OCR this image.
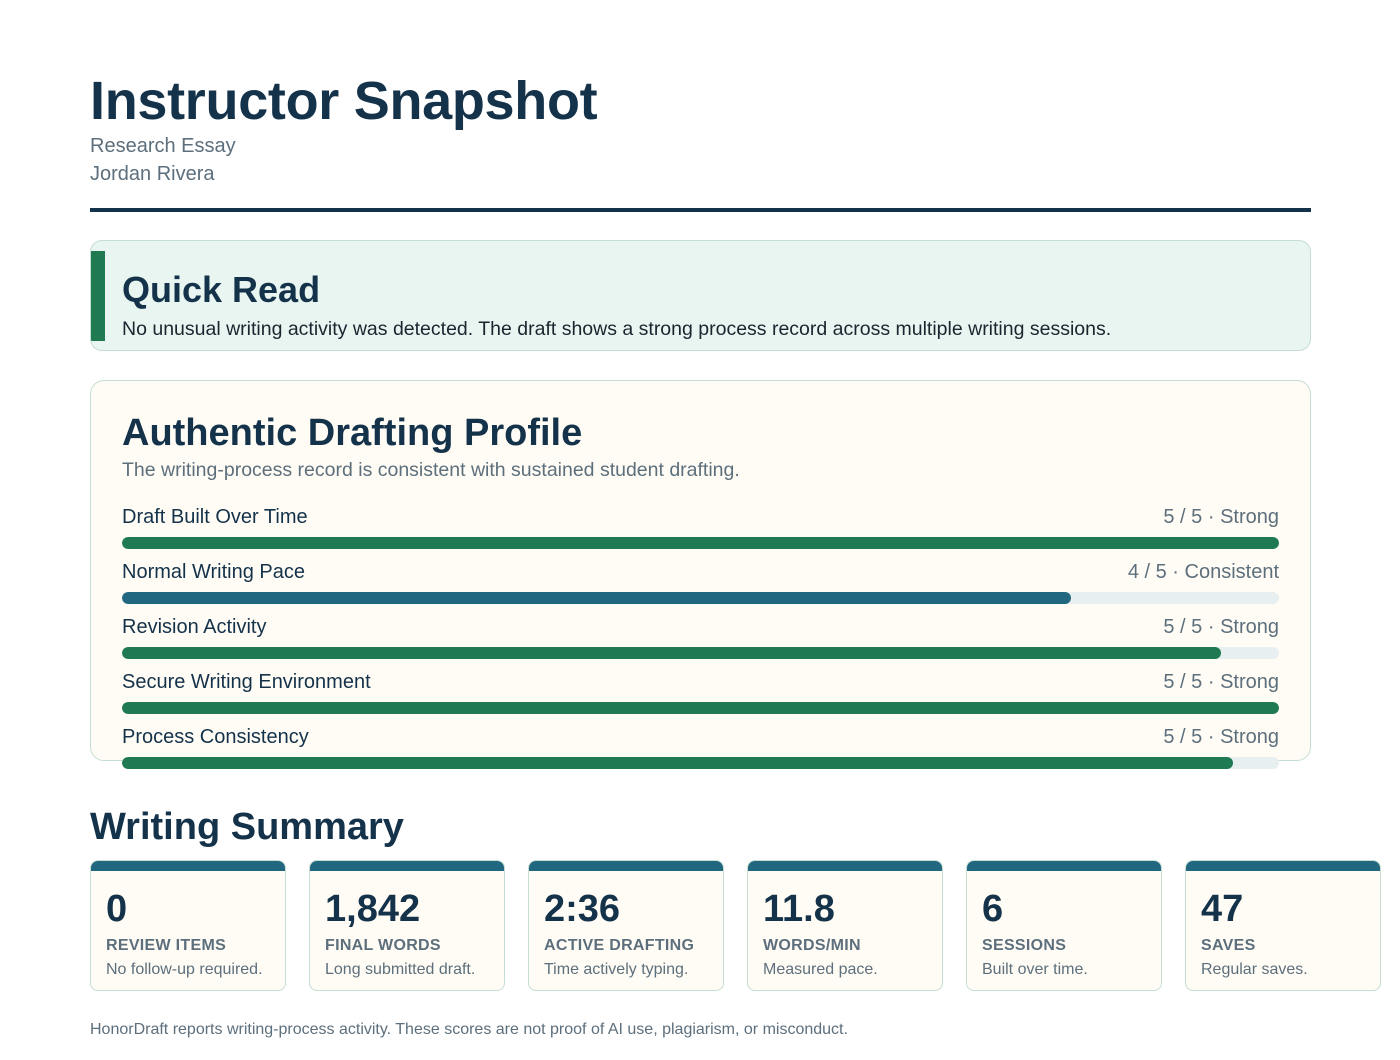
Instructor Snapshot
Research Essay
Jordan Rivera
Quick Read
No unusual writing activity was detected. The draft shows a strong process record across multiple writing sessions.
Authentic Drafting Profile
The writing-process record is consistent with sustained student drafting.
Draft Built Over Time	5 / 5 · Strong
Normal Writing Pace	4 / 5 · Consistent
Revision Activity	5 / 5 · Strong
Secure Writing Environment	5 / 5 · Strong
Process Consistency	5 / 5 · Strong
Writing Summary
0
REVIEW ITEMS
No follow-up required.
1,842
FINAL WORDS
Long submitted draft.
2:36
ACTIVE DRAFTING
Time actively typing.
11.8
WORDS/MIN
Measured pace.
6
SESSIONS
Built over time.
47
SAVES
Regular saves.
HonorDraft reports writing-process activity. These scores are not proof of AI use, plagiarism, or misconduct.
